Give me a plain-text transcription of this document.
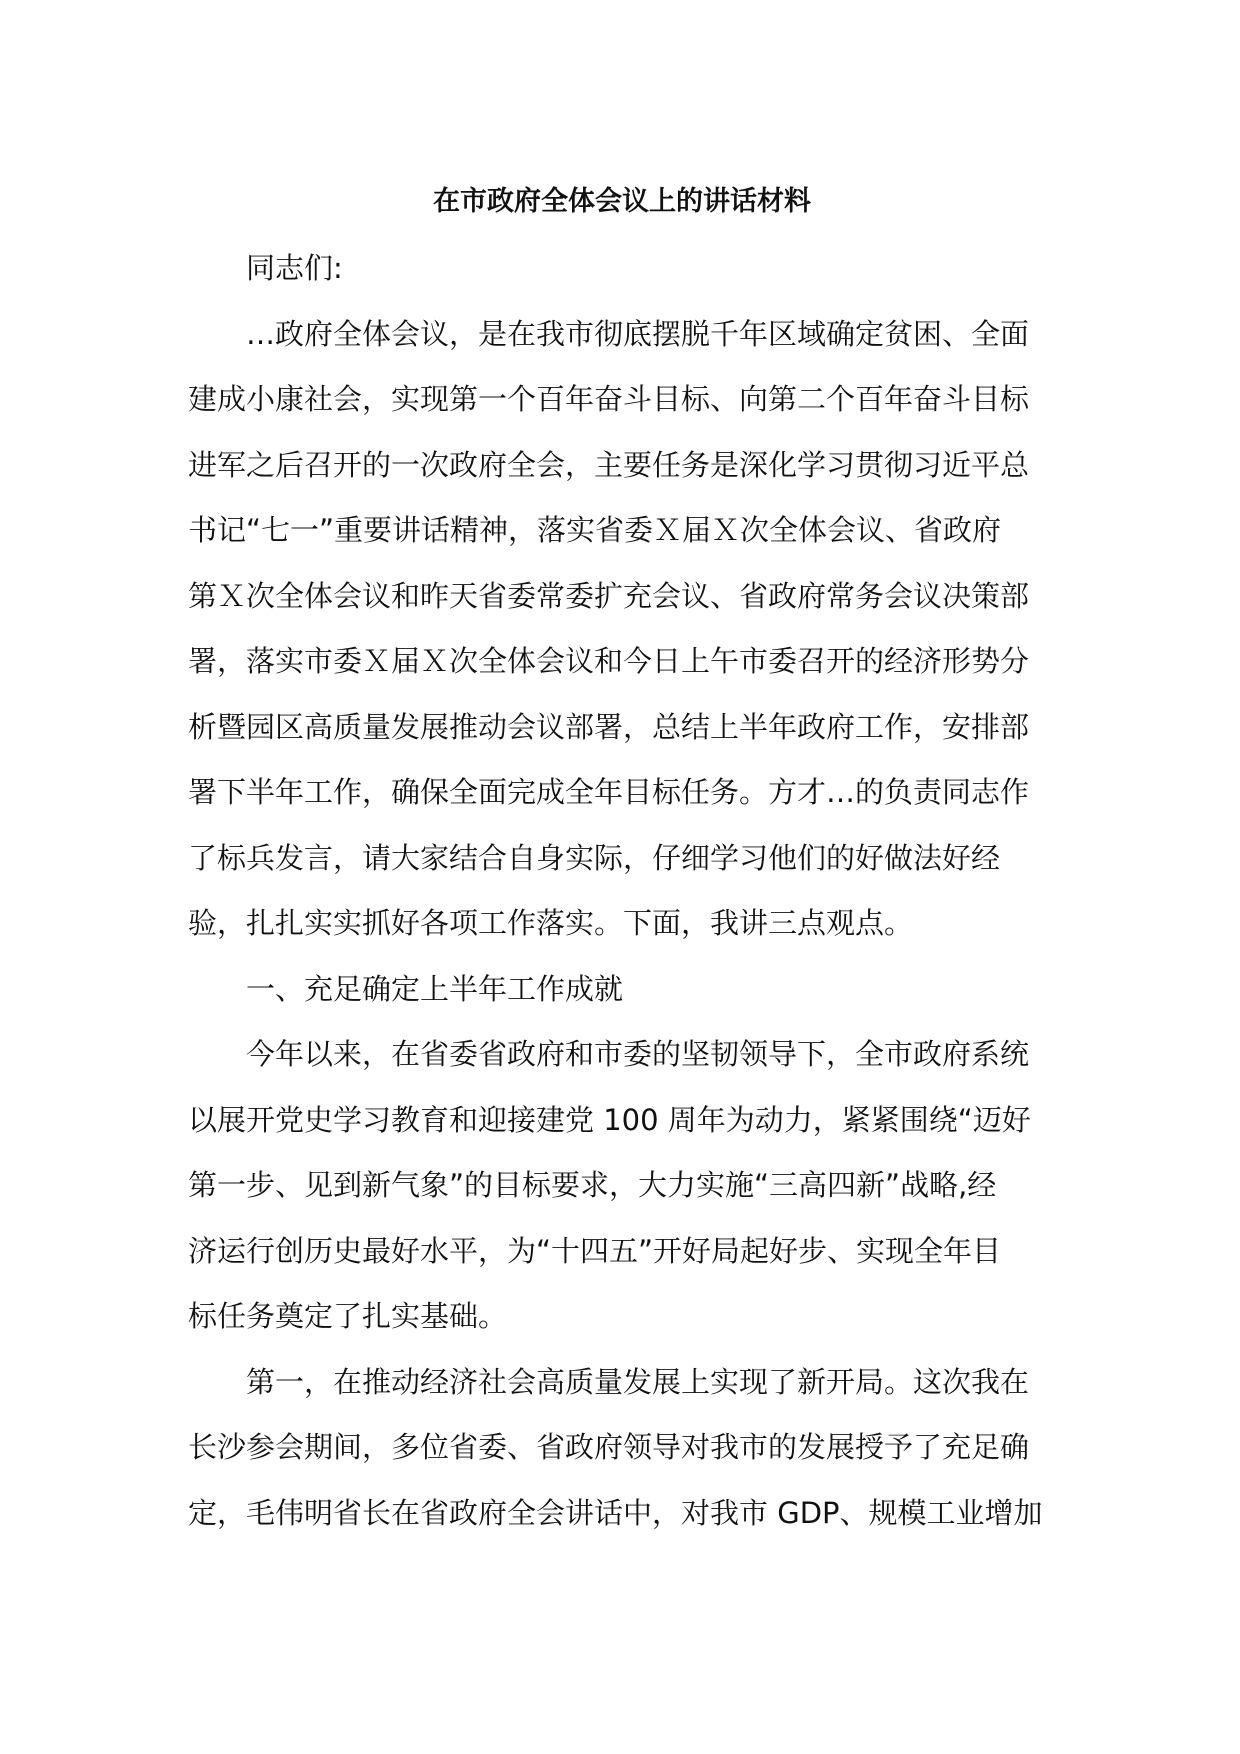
在市政府全体会议上的讲话材料
同志们:
…政府全体会议，是在我市彻底摆脱千年区域确定贫困、全面
建成小康社会，实现第一个百年奋斗目标、向第二个百年奋斗目标
进军之后召开的一次政府全会，主要任务是深化学习贯彻习近平总
书记“七一”重要讲话精神，落实省委Ｘ届Ｘ次全体会议、省政府
第Ｘ次全体会议和昨天省委常委扩充会议、省政府常务会议决策部
署，落实市委Ｘ届Ｘ次全体会议和今日上午市委召开的经济形势分
析暨园区高质量发展推动会议部署，总结上半年政府工作，安排部
署下半年工作，确保全面完成全年目标任务。方才…的负责同志作
了标兵发言，请大家结合自身实际，仔细学习他们的好做法好经
验，扎扎实实抓好各项工作落实。下面，我讲三点观点。
一、充足确定上半年工作成就
今年以来，在省委省政府和市委的坚韧领导下，全市政府系统
以展开党史学习教育和迎接建党 100 周年为动力，紧紧围绕“迈好
第一步、见到新气象”的目标要求，大力实施“三高四新”战略,经
济运行创历史最好水平，为“十四五”开好局起好步、实现全年目
标任务奠定了扎实基础。
第一，在推动经济社会高质量发展上实现了新开局。这次我在
长沙参会期间，多位省委、省政府领导对我市的发展授予了充足确
定，毛伟明省长在省政府全会讲话中，对我市 GDP、规模工业增加
